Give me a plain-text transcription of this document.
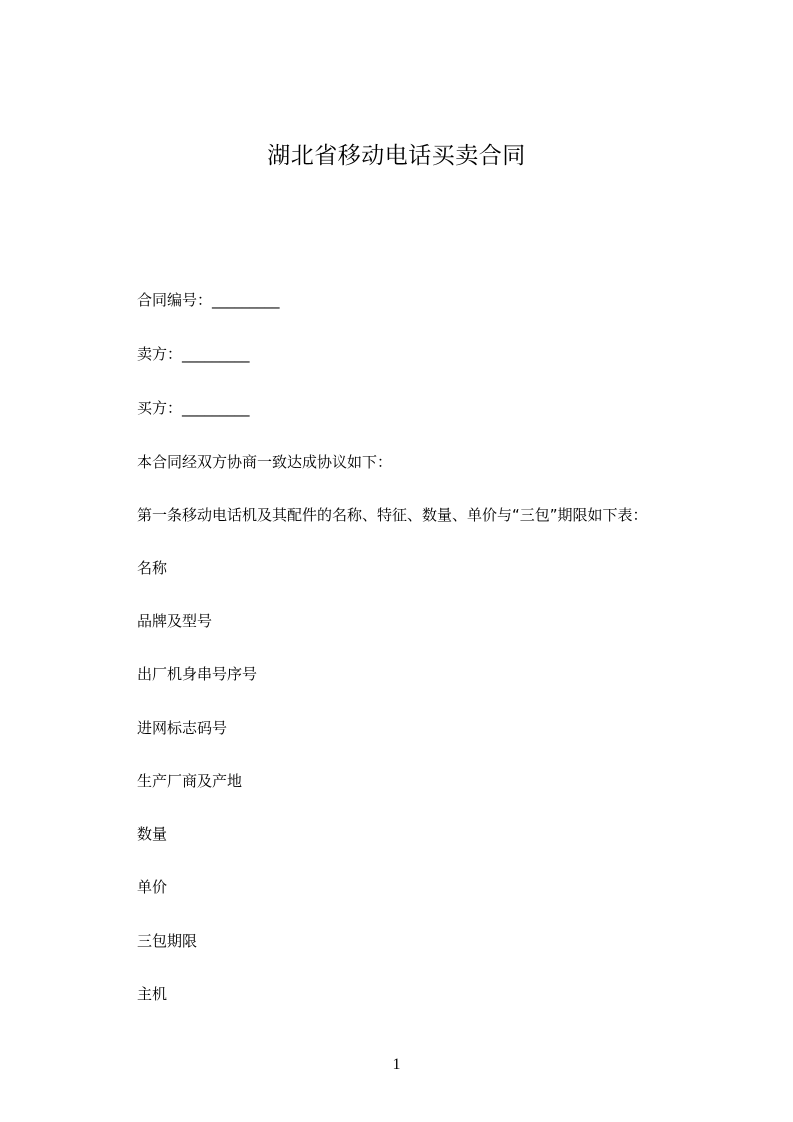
湖北省移动电话买卖合同
合同编号：_________
卖方：_________
买方：_________
本合同经双方协商一致达成协议如下：
第一条移动电话机及其配件的名称、特征、数量、单价与“三包”期限如下表：
名称
品牌及型号
出厂机身串号序号
进网标志码号
生产厂商及产地
数量
单价
三包期限
主机
1
